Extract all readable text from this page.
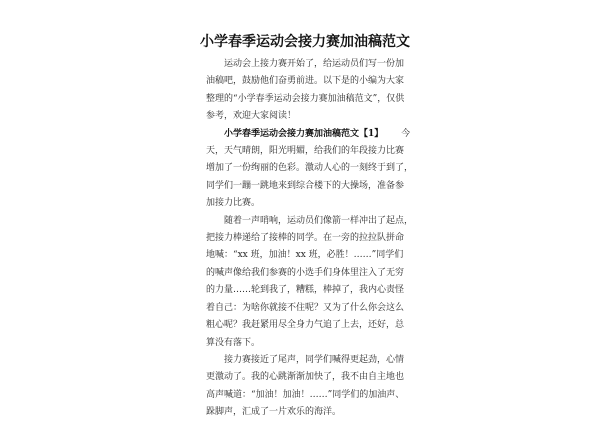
小学春季运动会接力赛加油稿范文
运动会上接力赛开始了，给运动员们写一份加
油稿吧，鼓励他们奋勇前进。以下是的小编为大家
整理的“小学春季运动会接力赛加油稿范文”，仅供
参考，欢迎大家阅读！
小学春季运动会接力赛加油稿范文【1】 今
天，天气晴朗，阳光明媚，给我们的年段接力比赛
增加了一份绚丽的色彩。激动人心的一刻终于到了，
同学们一蹦一跳地来到综合楼下的大操场，准备参
加接力比赛。
随着一声哨响，运动员们像箭一样冲出了起点，
把接力棒递给了接棒的同学。在一旁的拉拉队拼命
地喊：“xx 班，加油！xx 班，必胜！……”同学们
的喊声像给我们参赛的小选手们身体里注入了无穷
的力量……轮到我了，糟糕，棒掉了，我内心责怪
着自己：为啥你就接不住呢？又为了什么你会这么
粗心呢？我赶紧用尽全身力气追了上去，还好，总
算没有落下。
接力赛接近了尾声，同学们喊得更起劲，心情
更激动了。我的心跳渐渐加快了，我不由自主地也
高声喊道：“加油！加油！……”同学们的加油声、
跺脚声，汇成了一片欢乐的海洋。
